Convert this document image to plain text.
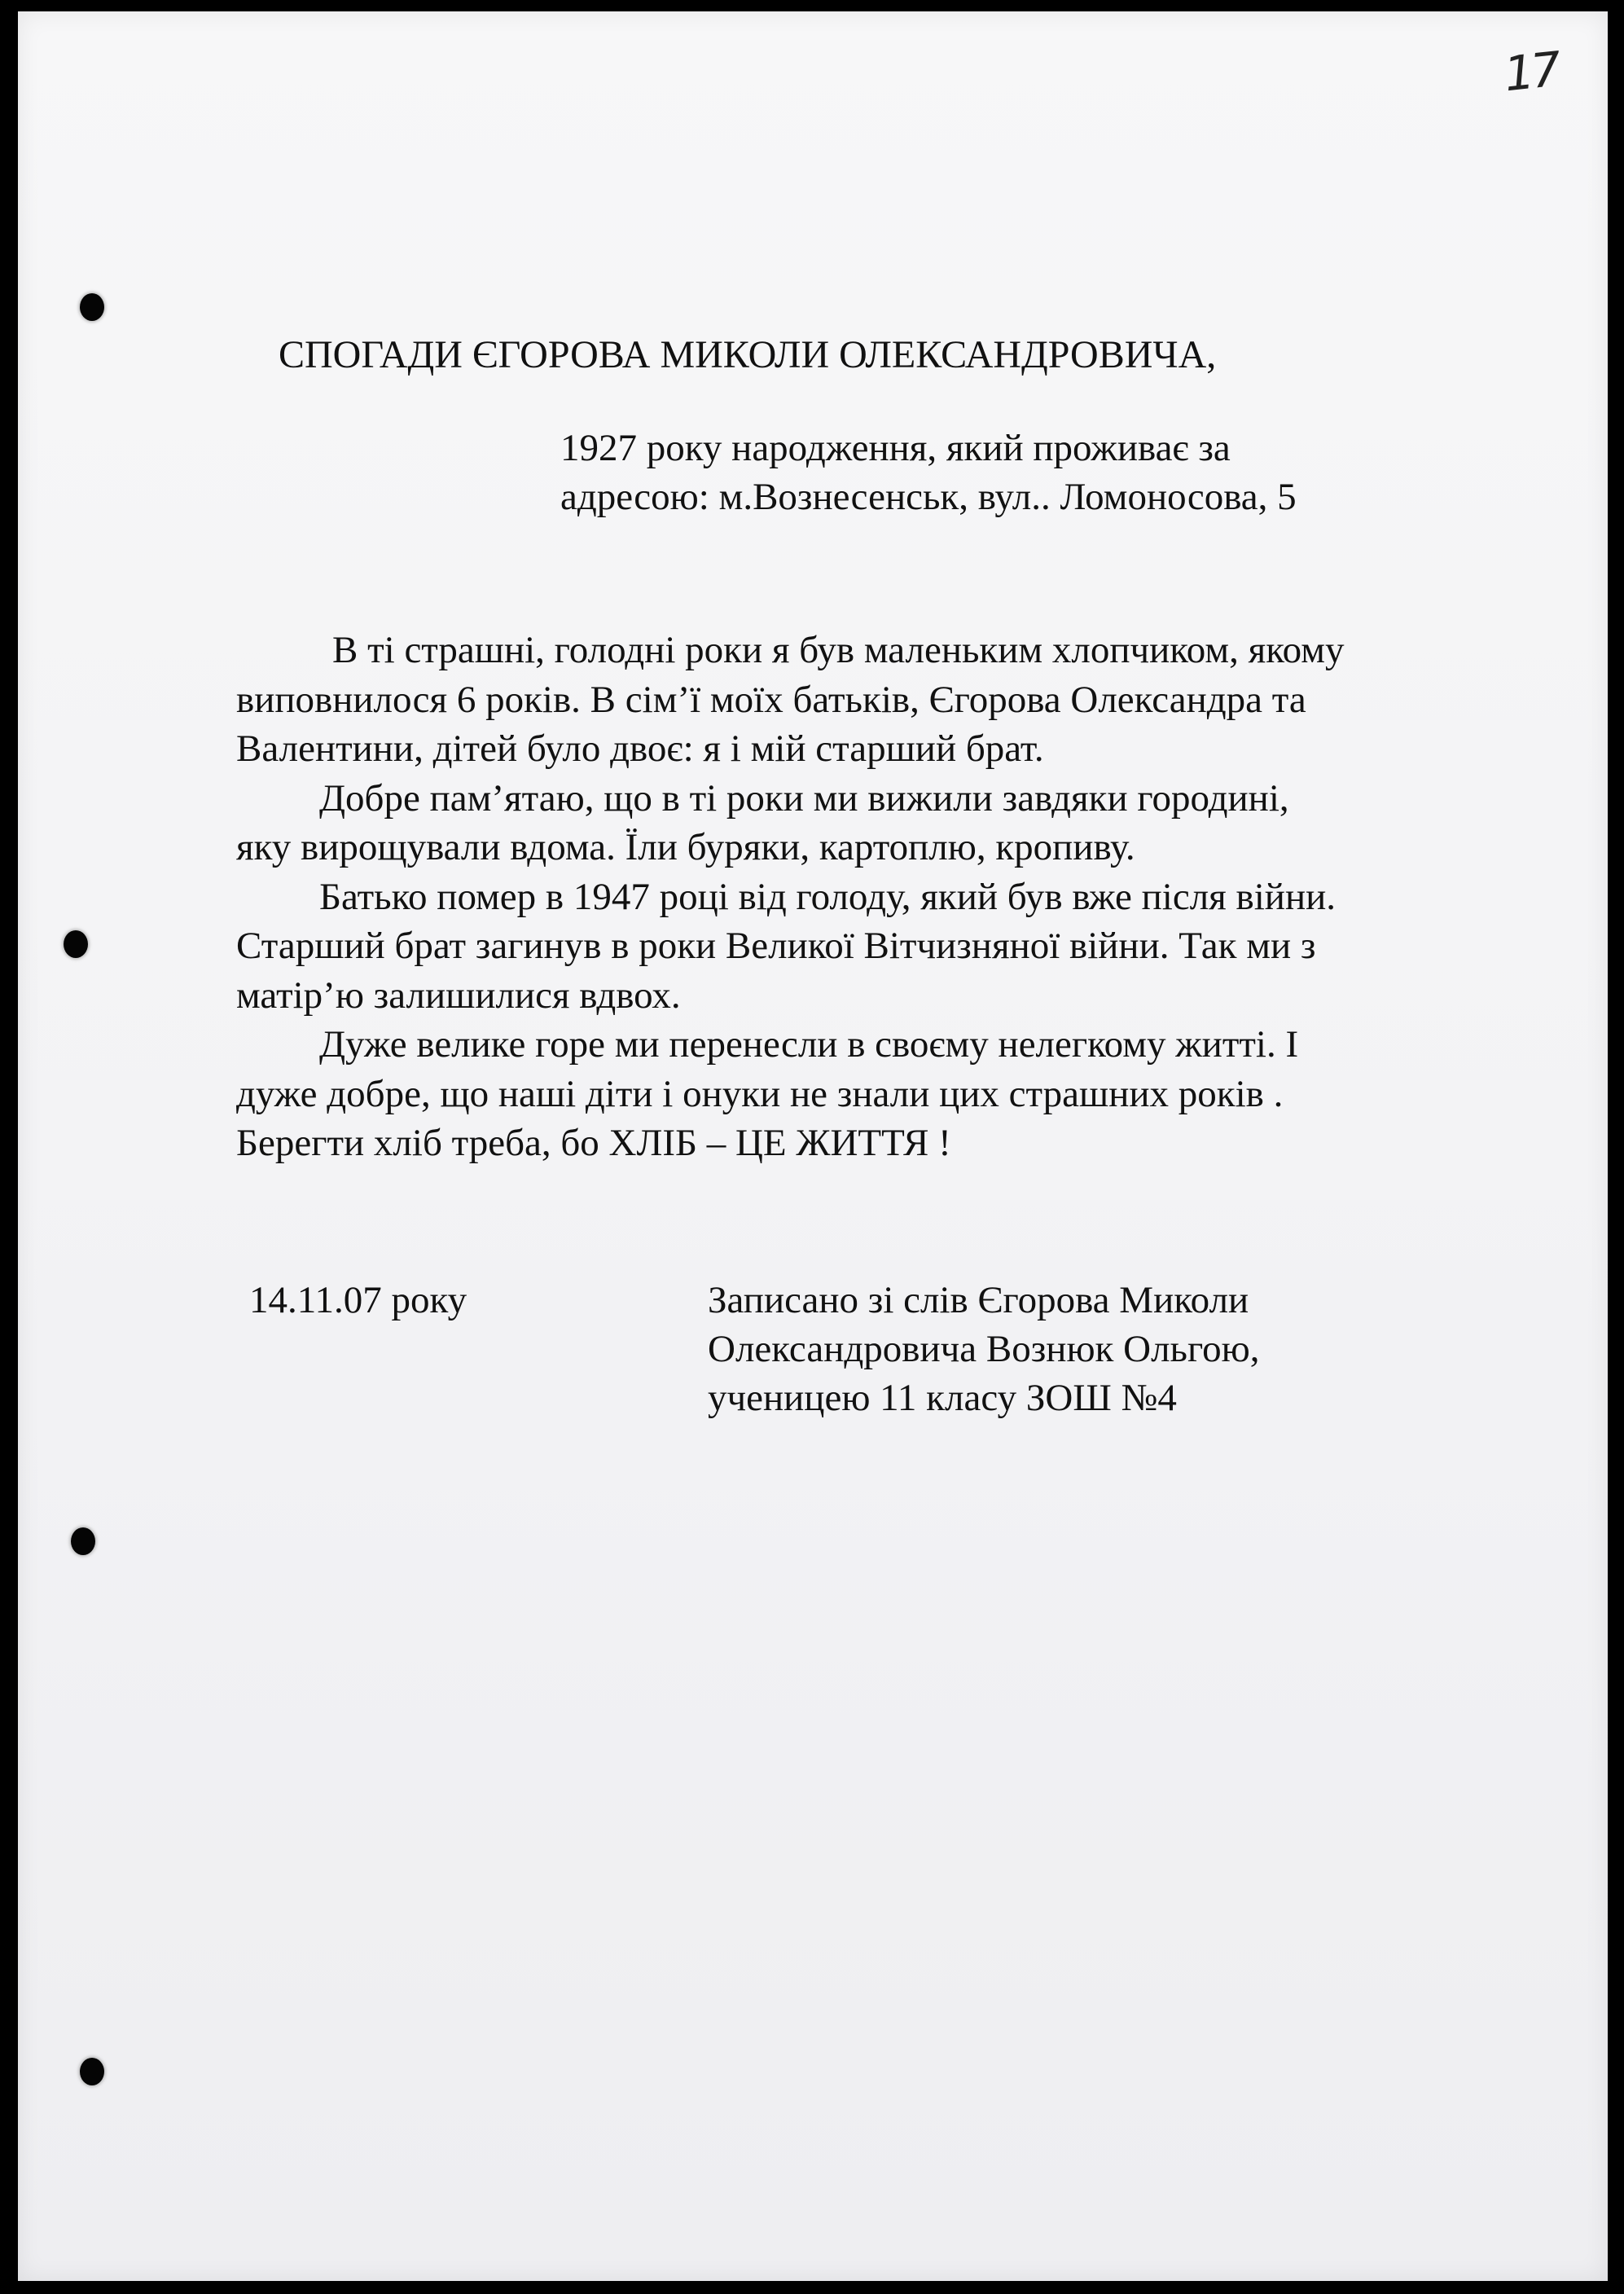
17
СПОГАДИ ЄГОРОВА МИКОЛИ ОЛЕКСАНДРОВИЧА,
1927 року народження, який проживає за
адресою: м.Вознесенськ, вул.. Ломоносова, 5
В ті страшні, голодні роки я був маленьким хлопчиком, якому
виповнилося 6 років. В сім’ї моїх батьків, Єгорова Олександра та
Валентини, дітей було двоє: я і мій старший брат.
Добре пам’ятаю, що в ті роки ми вижили завдяки городині,
яку вирощували вдома. Їли буряки, картоплю, кропиву.
Батько помер в 1947 році від голоду, який був вже після війни.
Старший брат загинув в роки Великої Вітчизняної війни. Так ми з
матір’ю залишилися вдвох.
Дуже велике горе ми перенесли в своєму нелегкому житті. І
дуже добре, що наші діти і онуки не знали цих страшних років .
Берегти хліб треба, бо ХЛІБ – ЦЕ ЖИТТЯ !
14.11.07 року	Записано зі слів Єгорова Миколи
Олександровича Вознюк Ольгою,
ученицею 11 класу ЗОШ №4
